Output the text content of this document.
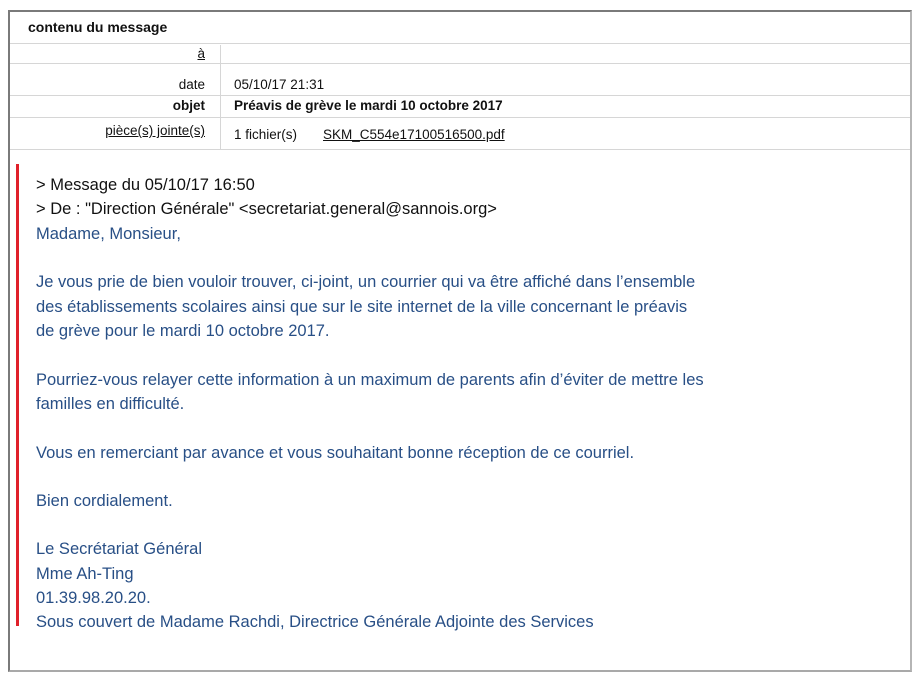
contenu du message
à
date 05/10/17 21:31
objet Préavis de grève le mardi 10 octobre 2017
pièce(s) jointe(s) 1 fichier(s) SKM_C554e17100516500.pdf
> Message du 05/10/17 16:50
> De : "Direction Générale" <secretariat.general@sannois.org>
Madame, Monsieur,
Je vous prie de bien vouloir trouver, ci-joint, un courrier qui va être affiché dans l’ensemble
des établissements scolaires ainsi que sur le site internet de la ville concernant le préavis
de grève pour le mardi 10 octobre 2017.
Pourriez-vous relayer cette information à un maximum de parents afin d’éviter de mettre les
familles en difficulté.
Vous en remerciant par avance et vous souhaitant bonne réception de ce courriel.
Bien cordialement.
Le Secrétariat Général
Mme Ah-Ting
01.39.98.20.20.
Sous couvert de Madame Rachdi, Directrice Générale Adjointe des Services
